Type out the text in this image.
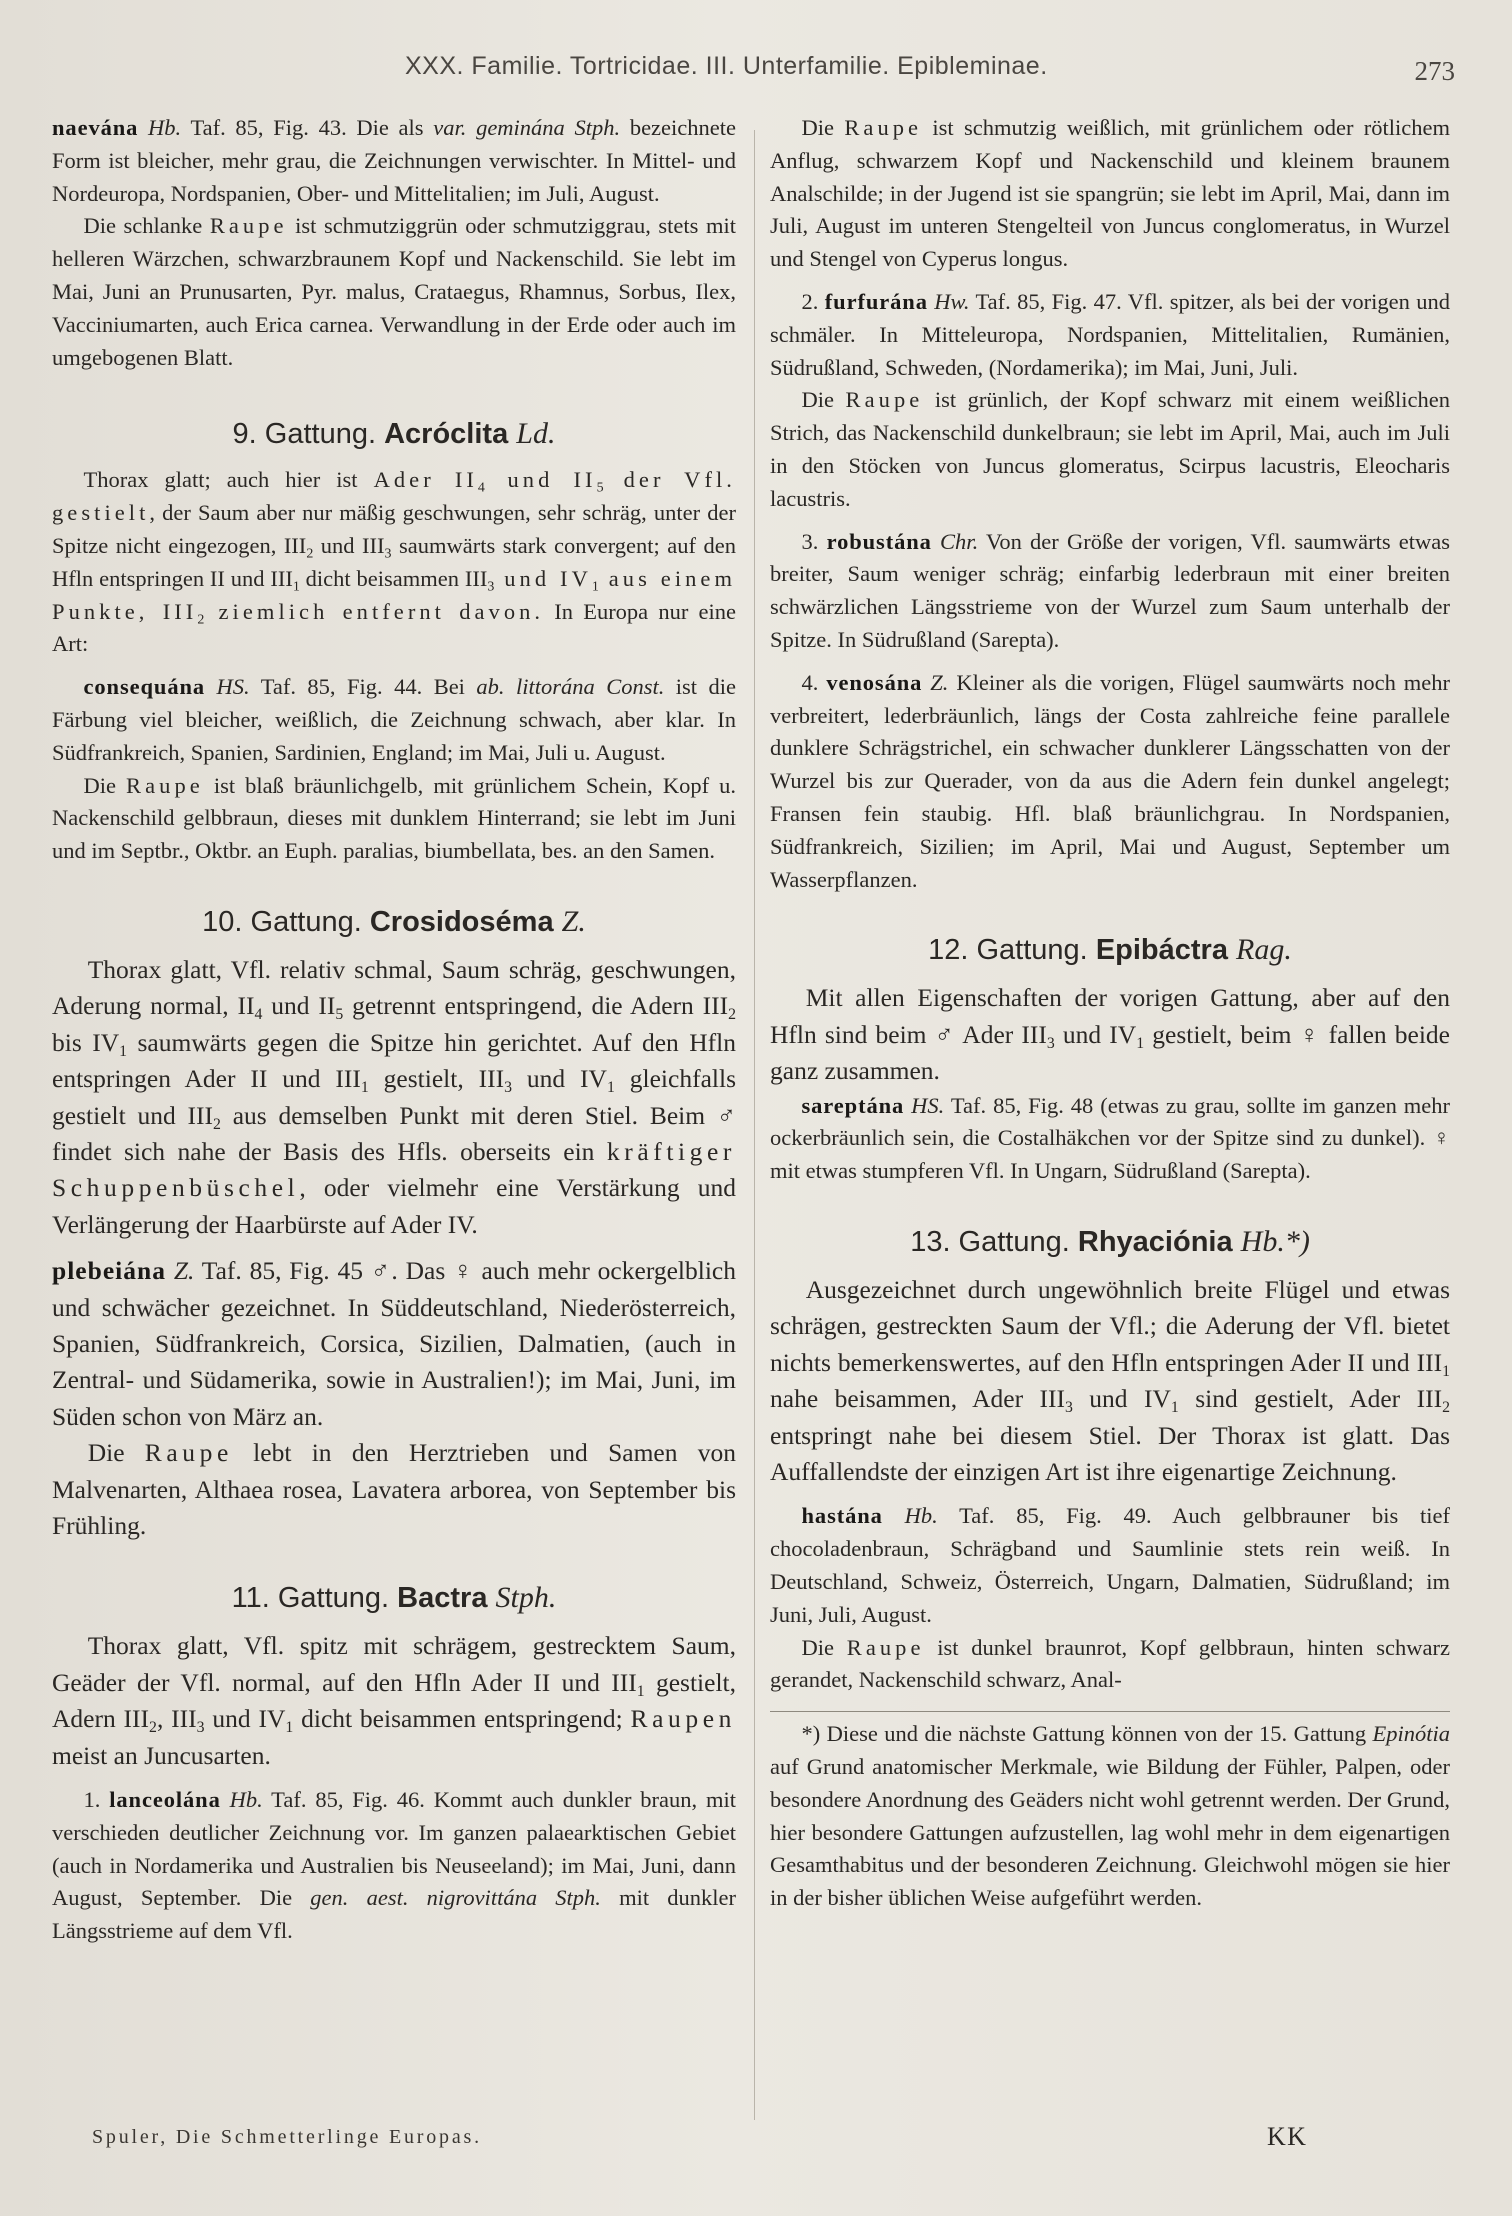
XXX. Familie. Tortricidae. III. Unterfamilie. Epibleminae.	273

naevána Hb. Taf. 85, Fig. 43. Die als var. geminána Stph. bezeichnete Form ist bleicher, mehr grau, die Zeichnungen verwischter. In Mittel- und Nordeuropa, Nordspanien, Ober- und Mittelitalien; im Juli, August.

Die schlanke Raupe ist schmutziggrün oder schmutziggrau, stets mit helleren Wärzchen, schwarzbraunem Kopf und Nackenschild. Sie lebt im Mai, Juni an Prunusarten, Pyr. malus, Crataegus, Rhamnus, Sorbus, Ilex, Vacciniumarten, auch Erica carnea. Verwandlung in der Erde oder auch im umgebogenen Blatt.

9. Gattung. Acróclita Ld.

Thorax glatt; auch hier ist Ader $II_4$ und $II_5$ der Vfl. gestielt, der Saum aber nur mäßig geschwungen, sehr schräg, unter der Spitze nicht eingezogen, $III_2$ und $III_3$ saumwärts stark convergent; auf den Hfln entspringen II und $III_1$ dicht beisammen $III_3$ und $IV_1$ aus einem Punkte, $III_2$ ziemlich entfernt davon. In Europa nur eine Art:

consequána HS. Taf. 85, Fig. 44. Bei ab. littorána Const. ist die Färbung viel bleicher, weißlich, die Zeichnung schwach, aber klar. In Südfrankreich, Spanien, Sardinien, England; im Mai, Juli u. August.

Die Raupe ist blaß bräunlichgelb, mit grünlichem Schein, Kopf u. Nackenschild gelbbraun, dieses mit dunklem Hinterrand; sie lebt im Juni und im Septbr., Oktbr. an Euph. paralias, biumbellata, bes. an den Samen.

10. Gattung. Crosidoséma Z.

Thorax glatt, Vfl. relativ schmal, Saum schräg, geschwungen, Aderung normal, $II_4$ und $II_5$ getrennt entspringend, die Adern $III_2$ bis $IV_1$ saumwärts gegen die Spitze hin gerichtet. Auf den Hfln entspringen Ader II und $III_1$ gestielt, $III_3$ und $IV_1$ gleichfalls gestielt und $III_2$ aus demselben Punkt mit deren Stiel. Beim ♂ findet sich nahe der Basis des Hfls. oberseits ein kräftiger Schuppenbüschel, oder vielmehr eine Verstärkung und Verlängerung der Haarbürste auf Ader IV.

plebeiána Z. Taf. 85, Fig. 45 ♂. Das ♀ auch mehr ockergelblich und schwächer gezeichnet. In Süddeutschland, Niederösterreich, Spanien, Südfrankreich, Corsica, Sizilien, Dalmatien, (auch in Zentral- und Südamerika, sowie in Australien!); im Mai, Juni, im Süden schon von März an.

Die Raupe lebt in den Herztrieben und Samen von Malvenarten, Althaea rosea, Lavatera arborea, von September bis Frühling.

11. Gattung. Bactra Stph.

Thorax glatt, Vfl. spitz mit schrägem, gestrecktem Saum, Geäder der Vfl. normal, auf den Hfln Ader II und $III_1$ gestielt, Adern $III_2$, $III_3$ und $IV_1$ dicht beisammen entspringend; Raupen meist an Juncusarten.

1. lanceolána Hb. Taf. 85, Fig. 46. Kommt auch dunkler braun, mit verschieden deutlicher Zeichnung vor. Im ganzen palaearktischen Gebiet (auch in Nordamerika und Australien bis Neuseeland); im Mai, Juni, dann August, September. Die gen. aest. nigrovittána Stph. mit dunkler Längsstrieme auf dem Vfl.

Die Raupe ist schmutzig weißlich, mit grünlichem oder rötlichem Anflug, schwarzem Kopf und Nackenschild und kleinem braunem Analschilde; in der Jugend ist sie spangrün; sie lebt im April, Mai, dann im Juli, August im unteren Stengelteil von Juncus conglomeratus, in Wurzel und Stengel von Cyperus longus.

2. furfurána Hw. Taf. 85, Fig. 47. Vfl. spitzer, als bei der vorigen und schmäler. In Mitteleuropa, Nordspanien, Mittelitalien, Rumänien, Südrußland, Schweden, (Nordamerika); im Mai, Juni, Juli.

Die Raupe ist grünlich, der Kopf schwarz mit einem weißlichen Strich, das Nackenschild dunkelbraun; sie lebt im April, Mai, auch im Juli in den Stöcken von Juncus glomeratus, Scirpus lacustris, Eleocharis lacustris.

3. robustána Chr. Von der Größe der vorigen, Vfl. saumwärts etwas breiter, Saum weniger schräg; einfarbig lederbraun mit einer breiten schwärzlichen Längsstrieme von der Wurzel zum Saum unterhalb der Spitze. In Südrußland (Sarepta).

4. venosána Z. Kleiner als die vorigen, Flügel saumwärts noch mehr verbreitert, lederbräunlich, längs der Costa zahlreiche feine parallele dunklere Schrägstrichel, ein schwacher dunklerer Längsschatten von der Wurzel bis zur Querader, von da aus die Adern fein dunkel angelegt; Fransen fein staubig. Hfl. blaß bräunlichgrau. In Nordspanien, Südfrankreich, Sizilien; im April, Mai und August, September um Wasserpflanzen.

12. Gattung. Epibáctra Rag.

Mit allen Eigenschaften der vorigen Gattung, aber auf den Hfln sind beim ♂ Ader $III_3$ und $IV_1$ gestielt, beim ♀ fallen beide ganz zusammen.

sareptána HS. Taf. 85, Fig. 48 (etwas zu grau, sollte im ganzen mehr ockerbräunlich sein, die Costalhäkchen vor der Spitze sind zu dunkel). ♀ mit etwas stumpferen Vfl. In Ungarn, Südrußland (Sarepta).

13. Gattung. Rhyaciónia Hb.*)

Ausgezeichnet durch ungewöhnlich breite Flügel und etwas schrägen, gestreckten Saum der Vfl.; die Aderung der Vfl. bietet nichts bemerkenswertes, auf den Hfln entspringen Ader II und $III_1$ nahe beisammen, Ader $III_3$ und $IV_1$ sind gestielt, Ader $III_2$ entspringt nahe bei diesem Stiel. Der Thorax ist glatt. Das Auffallendste der einzigen Art ist ihre eigenartige Zeichnung.

hastána Hb. Taf. 85, Fig. 49. Auch gelbbrauner bis tief chocoladenbraun, Schrägband und Saumlinie stets rein weiß. In Deutschland, Schweiz, Österreich, Ungarn, Dalmatien, Südrußland; im Juni, Juli, August.

Die Raupe ist dunkel braunrot, Kopf gelbbraun, hinten schwarz gerandet, Nackenschild schwarz, Anal-

*) Diese und die nächste Gattung können von der 15. Gattung Epinótia auf Grund anatomischer Merkmale, wie Bildung der Fühler, Palpen, oder besondere Anordnung des Geäders nicht wohl getrennt werden. Der Grund, hier besondere Gattungen aufzustellen, lag wohl mehr in dem eigenartigen Gesamthabitus und der besonderen Zeichnung. Gleichwohl mögen sie hier in der bisher üblichen Weise aufgeführt werden.

Spuler, Die Schmetterlinge Europas.	KK
